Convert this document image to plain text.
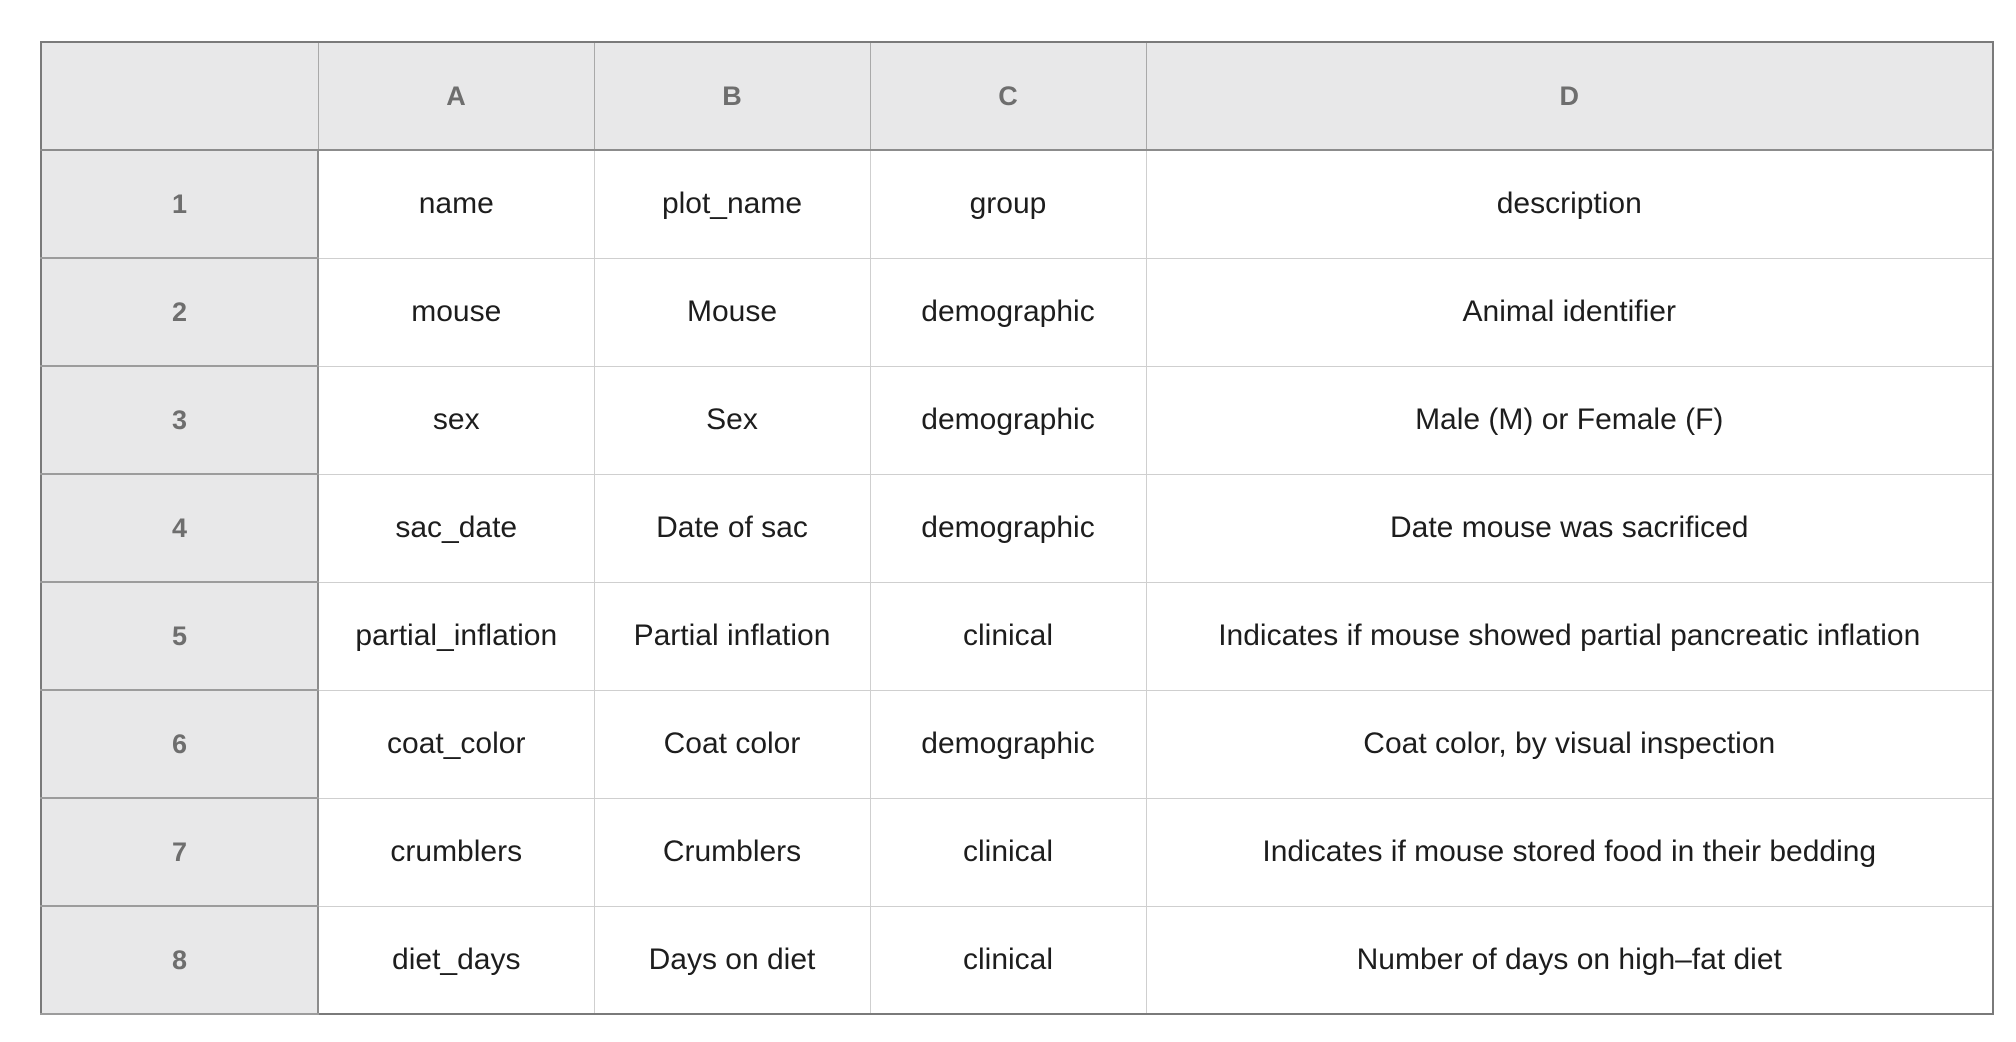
	A	B	C	D
1	name	plot_name	group	description
2	mouse	Mouse	demographic	Animal identifier
3	sex	Sex	demographic	Male (M) or Female (F)
4	sac_date	Date of sac	demographic	Date mouse was sacrificed
5	partial_inflation	Partial inflation	clinical	Indicates if mouse showed partial pancreatic inflation
6	coat_color	Coat color	demographic	Coat color, by visual inspection
7	crumblers	Crumblers	clinical	Indicates if mouse stored food in their bedding
8	diet_days	Days on diet	clinical	Number of days on high–fat diet
